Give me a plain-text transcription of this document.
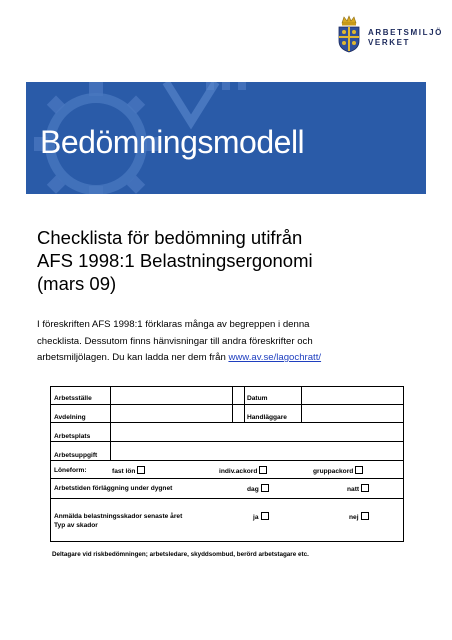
ARBETSMILJÖ
VERKET
Bedömningsmodell
Checklista för bedömning utifrån
AFS 1998:1 Belastningsergonomi
(mars 09)
I föreskriften AFS 1998:1 förklaras många av begreppen i denna
checklista. Dessutom finns hänvisningar till andra föreskrifter och
arbetsmiljölagen. Du kan ladda ner dem från www.av.se/lagochratt/
Arbetsställe	Datum
Avdelning	Handläggare
Arbetsplats
Arbetsuppgift
Löneform:	fast lön	indiv.ackord	gruppackord
Arbetstiden förläggning under dygnet	dag	natt
Anmälda belastningsskador senaste året	ja	nej
Typ av skador
Deltagare vid riskbedömningen; arbetsledare, skyddsombud, berörd arbetstagare etc.
